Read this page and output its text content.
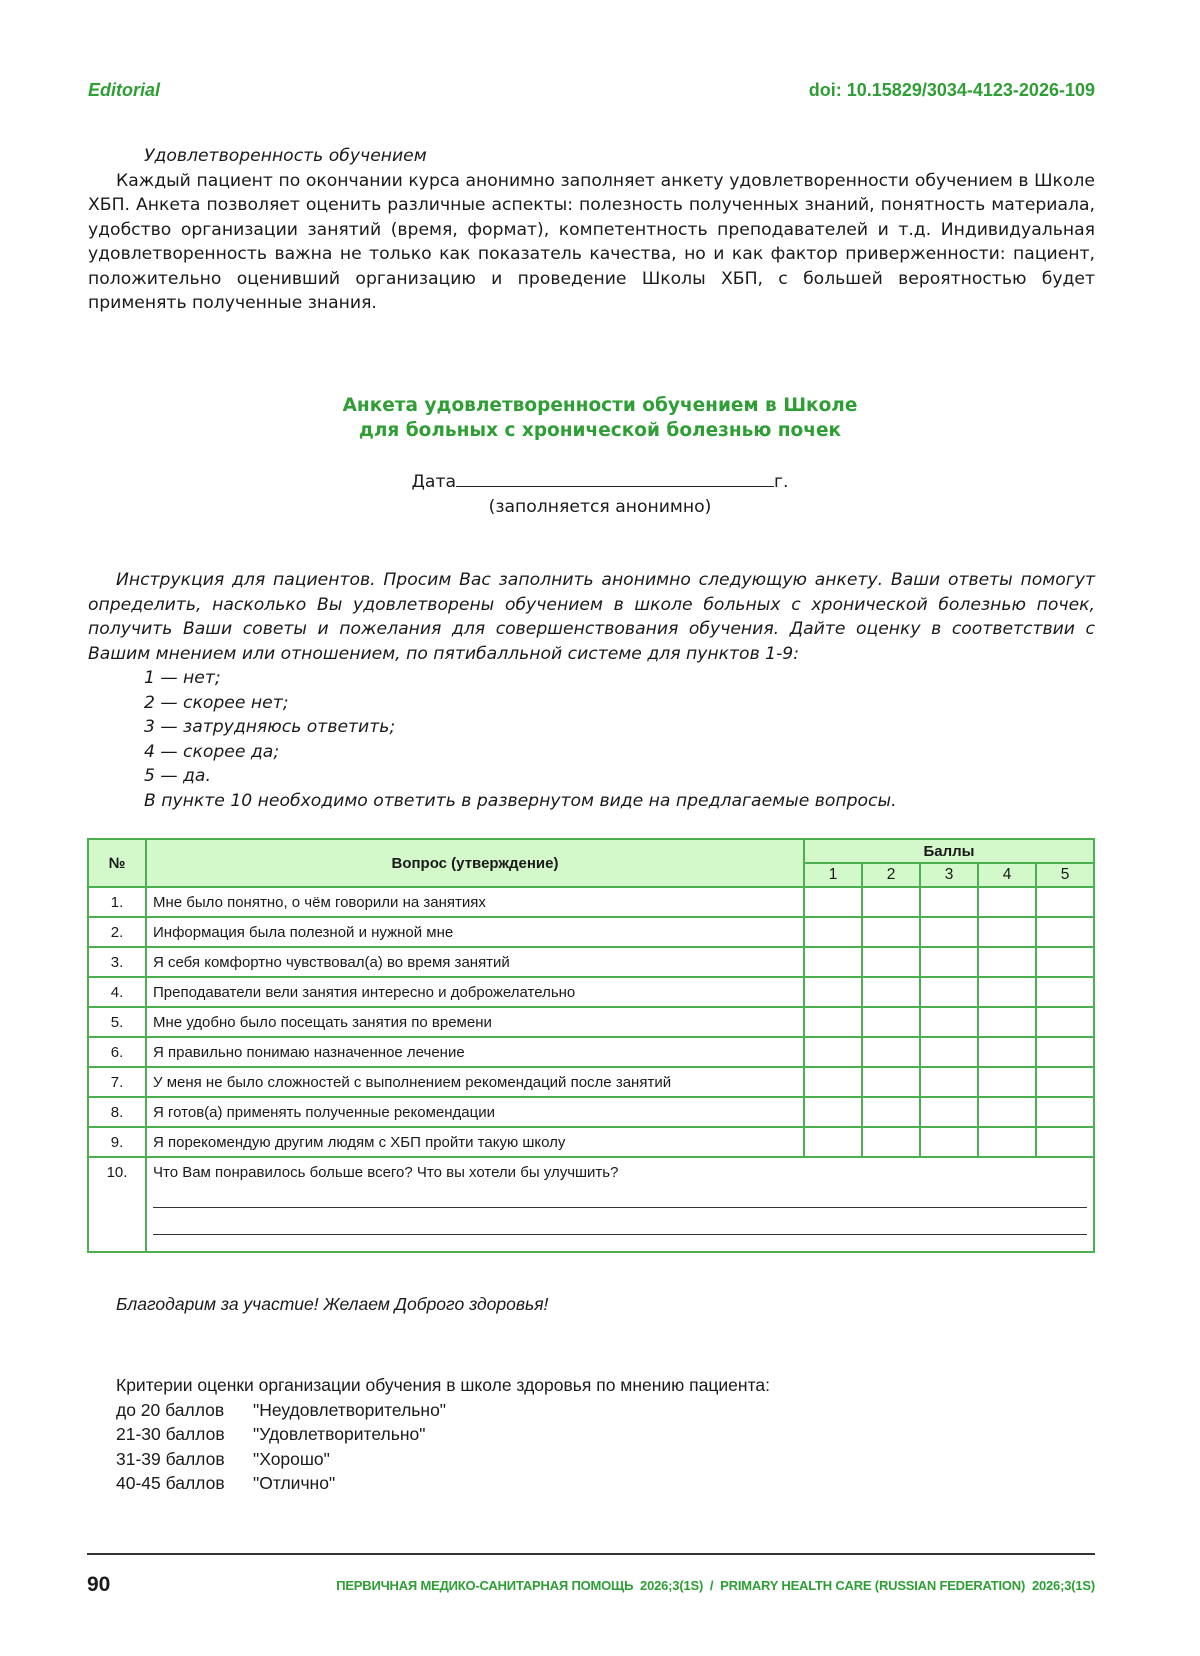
Editorial	doi: 10.15829/3034-4123-2026-109

Удовлетворенность обучением

Каждый пациент по окончании курса анонимно заполняет анкету удовлетворенности обучением в Школе ХБП. Анкета позволяет оценить различные аспекты: полезность полученных знаний, понятность материала, удобство организации занятий (время, формат), компетентность преподавателей и т.д. Индивидуальная удовлетворенность важна не только как показатель качества, но и как фактор приверженности: пациент, положительно оценивший организацию и проведение Школы ХБП, с большей вероятностью будет применять полученные знания.

Анкета удовлетворенности обучением в Школе
для больных с хронической болезнью почек
Дата	г.
(заполняется анонимно)

Инструкция для пациентов. Просим Вас заполнить анонимно следующую анкету. Ваши ответы помогут определить, насколько Вы удовлетворены обучением в школе больных с хронической болезнью почек, получить Ваши советы и пожелания для совершенствования обучения. Дайте оценку в соответствии с Вашим мнением или отношением, по пятибалльной системе для пунктов 1-9:

1 — нет;

2 — скорее нет;

3 — затрудняюсь ответить;

4 — скорее да;

5 — да.

В пункте 10 необходимо ответить в развернутом виде на предлагаемые вопросы.

№	Вопрос (утверждение)	Баллы				
		1	2	3	4	5
1.	Мне было понятно, о чём говорили на занятиях					
2.	Информация была полезной и нужной мне					
3.	Я себя комфортно чувствовал(а) во время занятий					
4.	Преподаватели вели занятия интересно и доброжелательно					
5.	Мне удобно было посещать занятия по времени					
6.	Я правильно понимаю назначенное лечение					
7.	У меня не было сложностей с выполнением рекомендаций после занятий					
8.	Я готов(а) применять полученные рекомендации					
9.	Я порекомендую другим людям с ХБП пройти такую школу					
10.	Что Вам понравилось больше всего? Что вы хотели бы улучшить?					
Благодарим за участие! Желаем Доброго здоровья!
Критерии оценки организации обучения в школе здоровья по мнению пациента:
до 20 баллов "Неудовлетворительно"
21-30 баллов "Удовлетворительно"
31-39 баллов "Хорошо"
40-45 баллов "Отлично"
90	ПЕРВИЧНАЯ МЕДИКО-САНИТАРНАЯ ПОМОЩЬ  2026;3(1S)  /  PRIMARY HEALTH CARE (RUSSIAN FEDERATION)  2026;3(1S)
